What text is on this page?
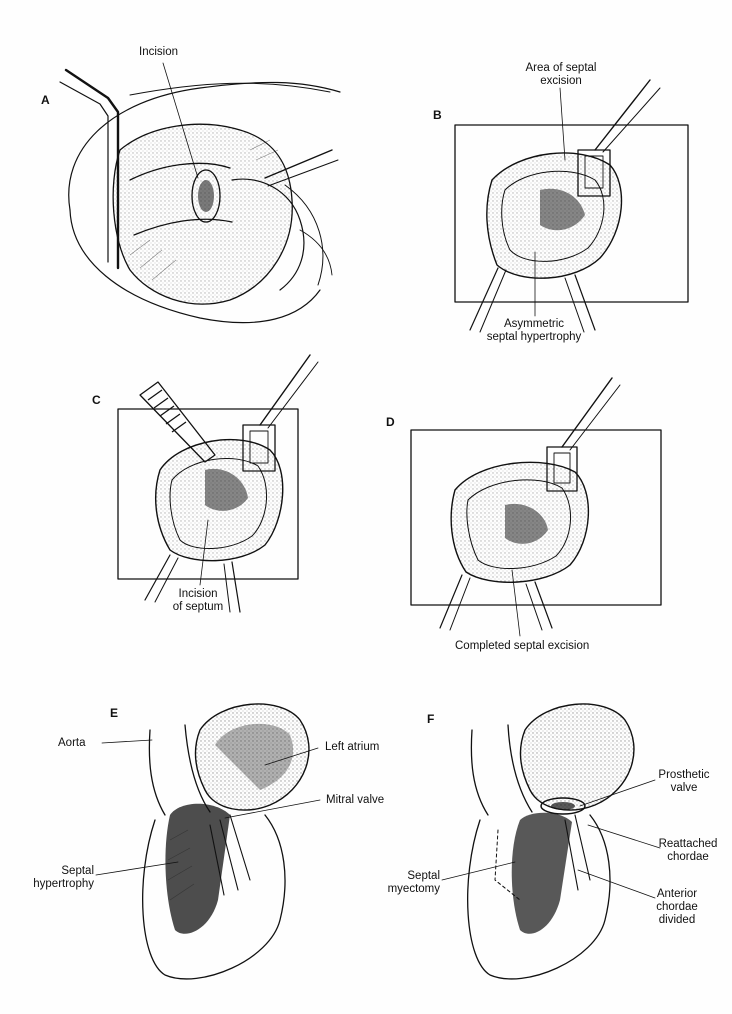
A
B
C
D
E	F
Incision
Area of septal
excision
Asymmetric
septal hypertrophy
Incision
of septum
Completed septal excision
Aorta	Left atrium
Mitral valve
Septal
hypertrophy
Prosthetic
valve
Reattached
chordae
Septal
myectomy	Anterior
chordae
divided
